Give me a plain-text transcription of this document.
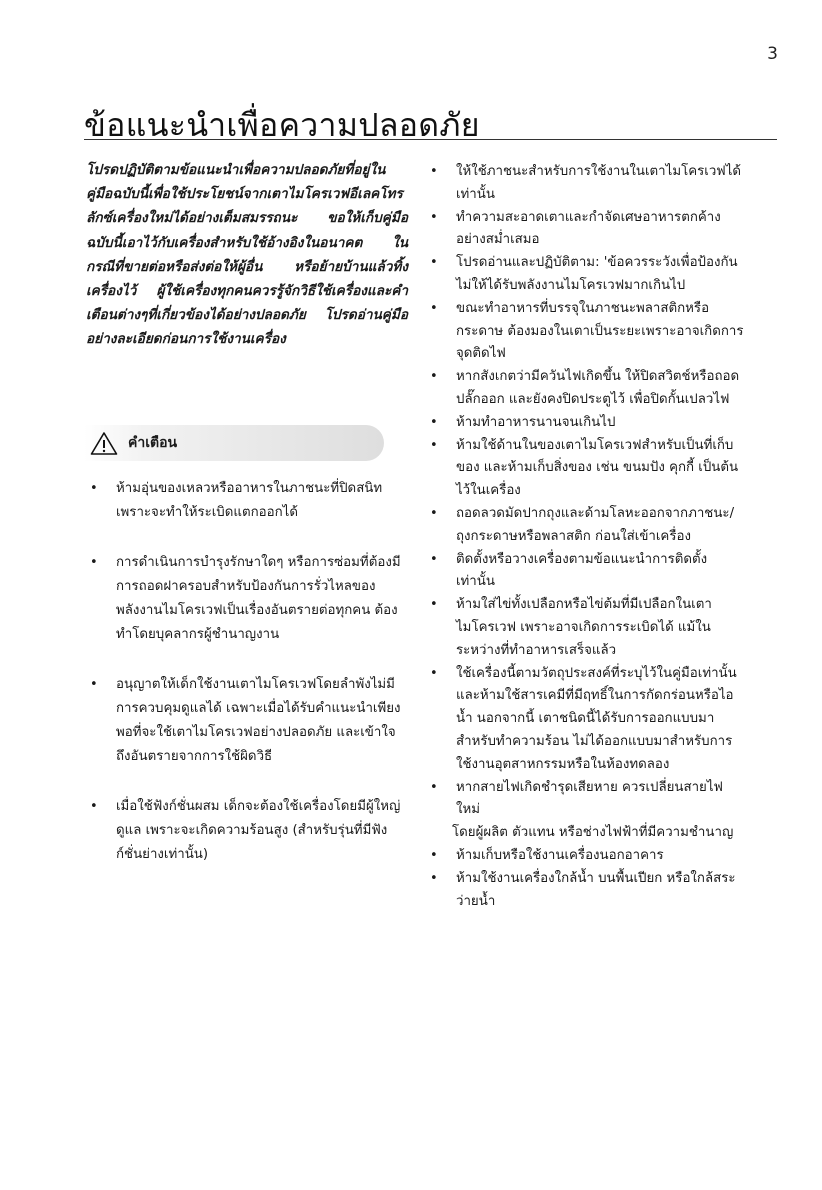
3
ข้อแนะนำเพื่อความปลอดภัย

โปรดปฏิบัติตามข้อแนะนำเพื่อความปลอดภัยที่อยู่ในคู่มือฉบับนี้เพื่อใช้ประโยชน์จากเตาไมโครเวฟอีเลคโทรลักซ์เครื่องใหม่ได้อย่างเต็มสมรรถนะ ขอให้เก็บคู่มือฉบับนี้เอาไว้กับเครื่องสำหรับใช้อ้างอิงในอนาคต ในกรณีที่ขายต่อหรือส่งต่อให้ผู้อื่น หรือย้ายบ้านแล้วทิ้งเครื่องไว้ ผู้ใช้เครื่องทุกคนควรรู้จักวิธีใช้เครื่องและคำเตือนต่างๆที่เกี่ยวข้องได้อย่างปลอดภัย โปรดอ่านคู่มืออย่างละเอียดก่อนการใช้งานเครื่อง

คำเตือน
• ห้ามอุ่นของเหลวหรืออาหารในภาชนะที่ปิดสนิท เพราะจะทำให้ระเบิดแตกออกได้
• การดำเนินการบำรุงรักษาใดๆ หรือการซ่อมที่ต้องมีการถอดฝาครอบสำหรับป้องกันการรั่วไหลของพลังงานไมโครเวฟเป็นเรื่องอันตรายต่อทุกคน ต้องทำโดยบุคลากรผู้ชำนาญงาน
• อนุญาตให้เด็กใช้งานเตาไมโครเวฟโดยลำพังไม่มีการควบคุมดูแลได้ เฉพาะเมื่อได้รับคำแนะนำเพียงพอที่จะใช้เตาไมโครเวฟอย่างปลอดภัย และเข้าใจถึงอันตรายจากการใช้ผิดวิธี
• เมื่อใช้ฟังก์ชั่นผสม เด็กจะต้องใช้เครื่องโดยมีผู้ใหญ่ดูแล เพราะจะเกิดความร้อนสูง (สำหรับรุ่นที่มีฟังก์ชั่นย่างเท่านั้น)
• ให้ใช้ภาชนะสำหรับการใช้งานในเตาไมโครเวฟได้เท่านั้น
• ทำความสะอาดเตาและกำจัดเศษอาหารตกค้างอย่างสม่ำเสมอ
• โปรดอ่านและปฏิบัติตาม: 'ข้อควรระวังเพื่อป้องกันไม่ให้ได้รับพลังงานไมโครเวฟมากเกินไป
• ขณะทำอาหารที่บรรจุในภาชนะพลาสติกหรือกระดาษ ต้องมองในเตาเป็นระยะเพราะอาจเกิดการจุดติดไฟ
• หากสังเกตว่ามีควันไฟเกิดขึ้น ให้ปิดสวิตช์หรือถอดปลั๊กออก และยังคงปิดประตูไว้ เพื่อปิดกั้นเปลวไฟ
• ห้ามทำอาหารนานจนเกินไป
• ห้ามใช้ด้านในของเตาไมโครเวฟสำหรับเป็นที่เก็บของ และห้ามเก็บสิ่งของ เช่น ขนมปัง คุกกี้ เป็นต้น ไว้ในเครื่อง
• ถอดลวดมัดปากถุงและด้ามโลหะออกจากภาชนะ/ถุงกระดาษหรือพลาสติก ก่อนใส่เข้าเครื่อง
• ติดตั้งหรือวางเครื่องตามข้อแนะนำการติดตั้งเท่านั้น
• ห้ามใส่ไข่ทั้งเปลือกหรือไข่ต้มที่มีเปลือกในเตาไมโครเวฟ เพราะอาจเกิดการระเบิดได้ แม้ในระหว่างที่ทำอาหารเสร็จแล้ว
• ใช้เครื่องนี้ตามวัตถุประสงค์ที่ระบุไว้ในคู่มือเท่านั้น และห้ามใช้สารเคมีที่มีฤทธิ์ในการกัดกร่อนหรือไอน้ำ นอกจากนี้ เตาชนิดนี้ได้รับการออกแบบมาสำหรับทำความร้อน ไม่ได้ออกแบบมาสำหรับการใช้งานอุตสาหกรรมหรือในห้องทดลอง
• หากสายไฟเกิดชำรุดเสียหาย ควรเปลี่ยนสายไฟใหม่
โดยผู้ผลิต ตัวแทน หรือช่างไฟฟ้าที่มีความชำนาญ
• ห้ามเก็บหรือใช้งานเครื่องนอกอาคาร
• ห้ามใช้งานเครื่องใกล้น้ำ บนพื้นเปียก หรือใกล้สระว่ายน้ำ
